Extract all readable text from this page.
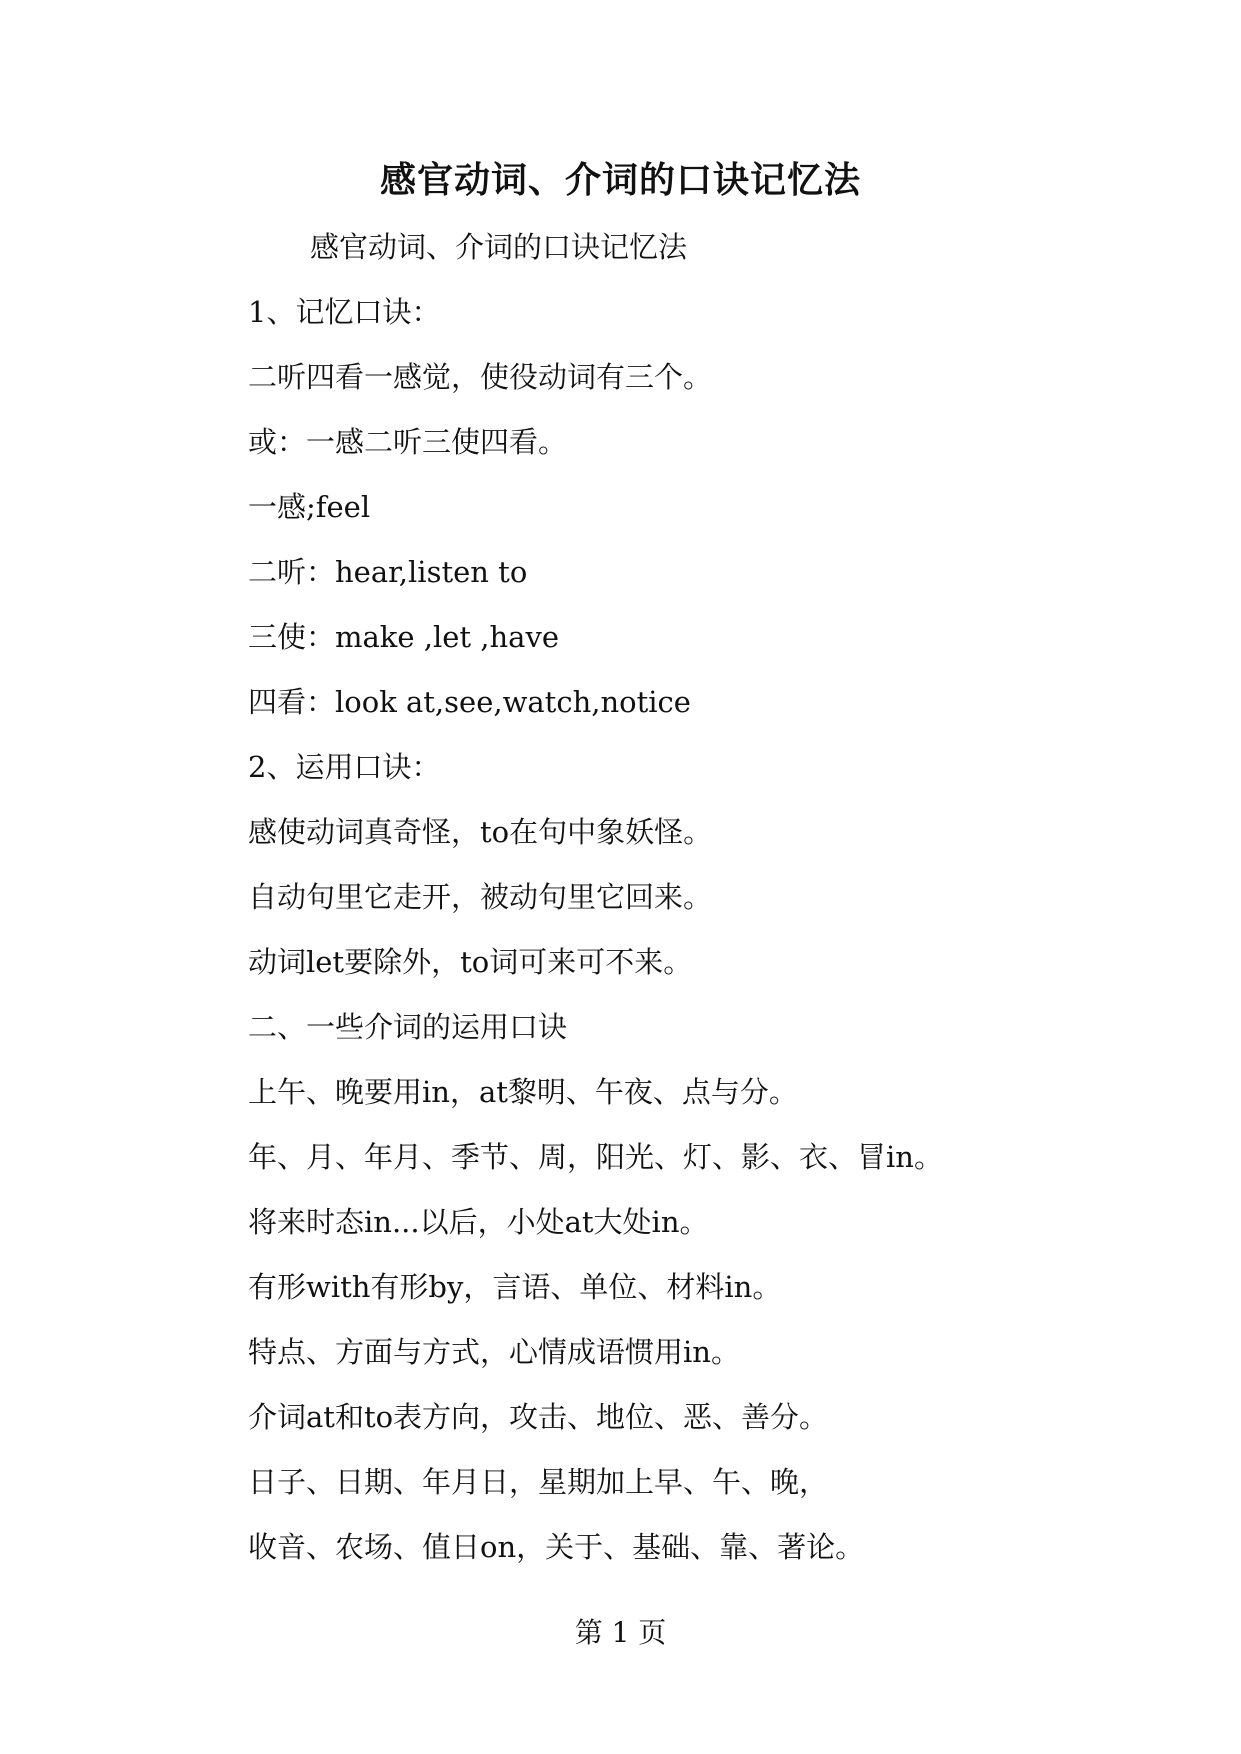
感官动词、介词的口诀记忆法
感官动词、介词的口诀记忆法
1、记忆口诀：
二听四看一感觉，使役动词有三个。
或：一感二听三使四看。
一感;feel
二听：hear,listen to
三使：make ,let ,have
四看：look at,see,watch,notice
2、运用口诀：
感使动词真奇怪，to在句中象妖怪。
自动句里它走开，被动句里它回来。
动词let要除外，to词可来可不来。
二、一些介词的运用口诀
上午、晚要用in，at黎明、午夜、点与分。
年、月、年月、季节、周，阳光、灯、影、衣、冒in。
将来时态in...以后，小处at大处in。
有形with有形by，言语、单位、材料in。
特点、方面与方式，心情成语惯用in。
介词at和to表方向，攻击、地位、恶、善分。
日子、日期、年月日，星期加上早、午、晚，
收音、农场、值日on，关于、基础、靠、著论。
第 1 页
